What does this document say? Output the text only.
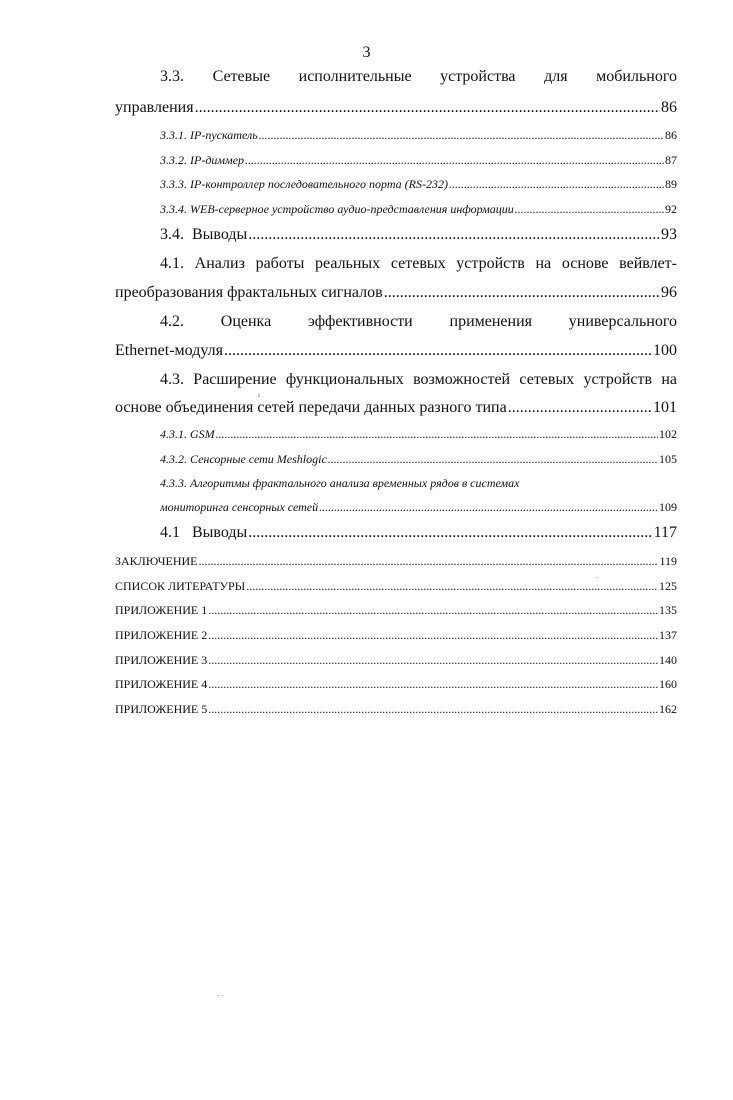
3
3.3. Сетевые исполнительные устройства для мобильного
управления .....	86
3.3.1. IP-пускатель .....	86
3.3.2. IP-диммер .....	87
3.3.3. IP-контроллер последовательного порта (RS-232) .....	89
3.3.4. WEB-серверное устройство аудио-представления информации .....	92
3.4.  Выводы .....	93
4.1. Анализ работы реальных сетевых устройств на основе вейвлет-
преобразования фрактальных сигналов .....	96
4.2. Оценка эффективности применения универсального
Ethernet-модуля .....	100
4.3. Расширение функциональных возможностей сетевых устройств на
основе объединения сетей передачи данных разного типа .....	101
4.3.1. GSM .....	102
4.3.2. Сенсорные сети Meshlogic .....	105
4.3.3. Алгоритмы фрактального анализа временных рядов в системах
мониторинга сенсорных сетей .....	109
4.1   Выводы .....	117
ЗАКЛЮЧЕНИЕ .....	119
СПИСОК ЛИТЕРАТУРЫ .....	125
ПРИЛОЖЕНИЕ 1 .....	135
ПРИЛОЖЕНИЕ 2 .....	137
ПРИЛОЖЕНИЕ 3 .....	140
ПРИЛОЖЕНИЕ 4 .....	160
ПРИЛОЖЕНИЕ 5 .....	162
ı
·
· ·
